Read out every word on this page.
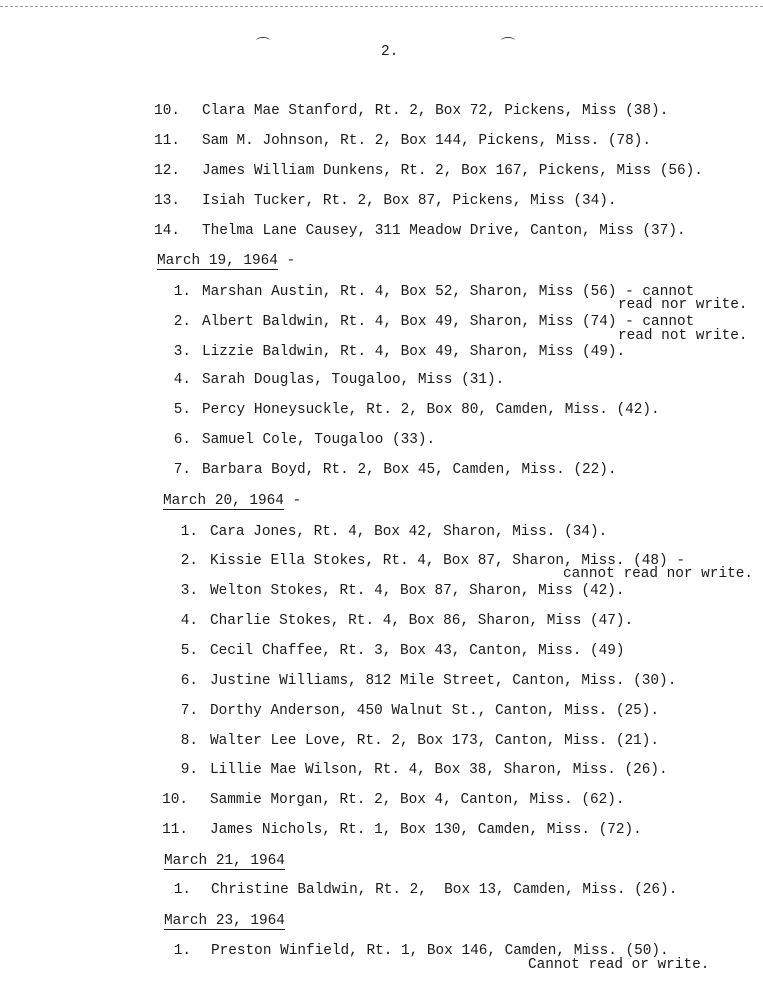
2.
10. Clara Mae Stanford, Rt. 2, Box 72, Pickens, Miss (38).
11. Sam M. Johnson, Rt. 2, Box 144, Pickens, Miss. (78).
12. James William Dunkens, Rt. 2, Box 167, Pickens, Miss (56).
13. Isiah Tucker, Rt. 2, Box 87, Pickens, Miss (34).
14. Thelma Lane Causey, 311 Meadow Drive, Canton, Miss (37).
March 19, 1964 -
1. Marshan Austin, Rt. 4, Box 52, Sharon, Miss (56) - cannot
read nor write.
2. Albert Baldwin, Rt. 4, Box 49, Sharon, Miss (74) - cannot
read not write.
3. Lizzie Baldwin, Rt. 4, Box 49, Sharon, Miss (49).
4. Sarah Douglas, Tougaloo, Miss (31).
5. Percy Honeysuckle, Rt. 2, Box 80, Camden, Miss. (42).
6. Samuel Cole, Tougaloo (33).
7. Barbara Boyd, Rt. 2, Box 45, Camden, Miss. (22).
March 20, 1964 -
1. Cara Jones, Rt. 4, Box 42, Sharon, Miss. (34).
2. Kissie Ella Stokes, Rt. 4, Box 87, Sharon, Miss. (48) -
cannot read nor write.
3. Welton Stokes, Rt. 4, Box 87, Sharon, Miss (42).
4. Charlie Stokes, Rt. 4, Box 86, Sharon, Miss (47).
5. Cecil Chaffee, Rt. 3, Box 43, Canton, Miss. (49)
6. Justine Williams, 812 Mile Street, Canton, Miss. (30).
7. Dorthy Anderson, 450 Walnut St., Canton, Miss. (25).
8. Walter Lee Love, Rt. 2, Box 173, Canton, Miss. (21).
9. Lillie Mae Wilson, Rt. 4, Box 38, Sharon, Miss. (26).
10. Sammie Morgan, Rt. 2, Box 4, Canton, Miss. (62).
11. James Nichols, Rt. 1, Box 130, Camden, Miss. (72).
March 21, 1964
1. Christine Baldwin, Rt. 2,  Box 13, Camden, Miss. (26).
March 23, 1964
1. Preston Winfield, Rt. 1, Box 146, Camden, Miss. (50).
Cannot read or write.
